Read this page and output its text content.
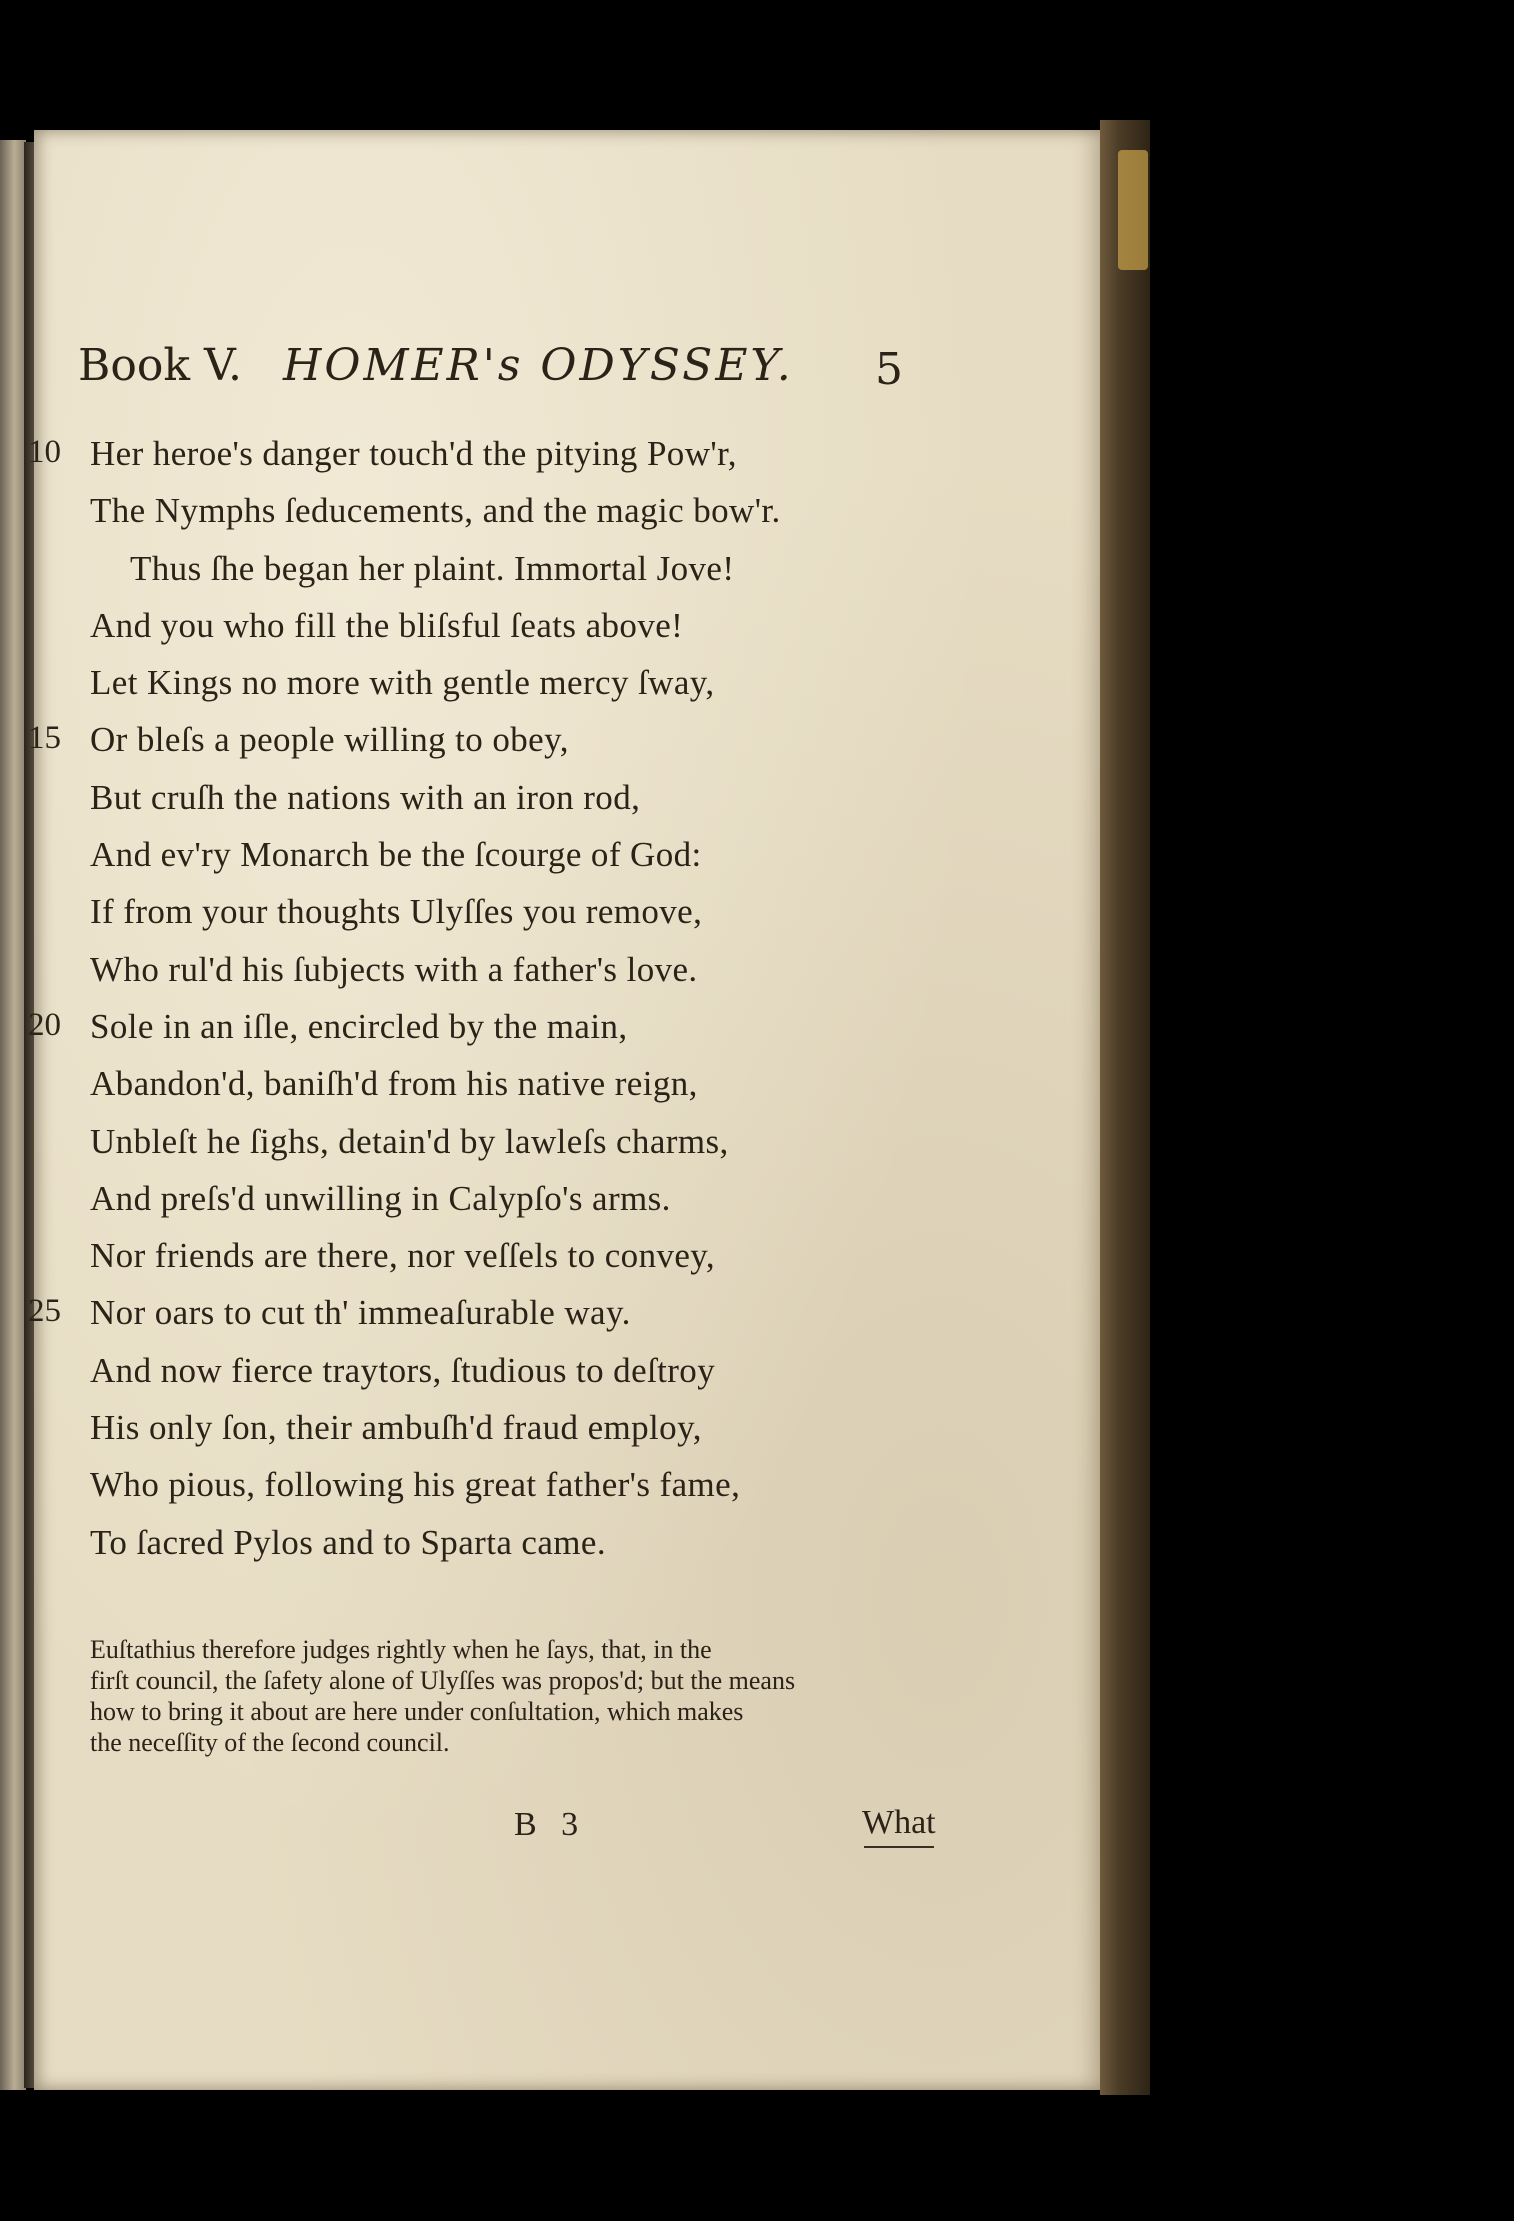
Book V. HOMER's ODYSSEY. 5
10 Her heroe's danger touch'd the pitying Pow'r,
The Nymphs ſeducements, and the magic bow'r.
Thus ſhe began her plaint. Immortal Jove!
And you who fill the bliſsful ſeats above!
Let Kings no more with gentle mercy ſway,
15 Or bleſs a people willing to obey,
But cruſh the nations with an iron rod,
And ev'ry Monarch be the ſcourge of God:
If from your thoughts Ulyſſes you remove,
Who rul'd his ſubjects with a father's love.
20 Sole in an iſle, encircled by the main,
Abandon'd, baniſh'd from his native reign,
Unbleſt he ſighs, detain'd by lawleſs charms,
And preſs'd unwilling in Calypſo's arms.
Nor friends are there, nor veſſels to convey,
25 Nor oars to cut th' immeaſurable way.
And now fierce traytors, ſtudious to deſtroy
His only ſon, their ambuſh'd fraud employ,
Who pious, following his great father's fame,
To ſacred Pylos and to Sparta came.
Euſtathius therefore judges rightly when he ſays, that, in the
firſt council, the ſafety alone of Ulyſſes was propos'd; but the means
how to bring it about are here under conſultation, which makes
the neceſſity of the ſecond council.
B 3	What
